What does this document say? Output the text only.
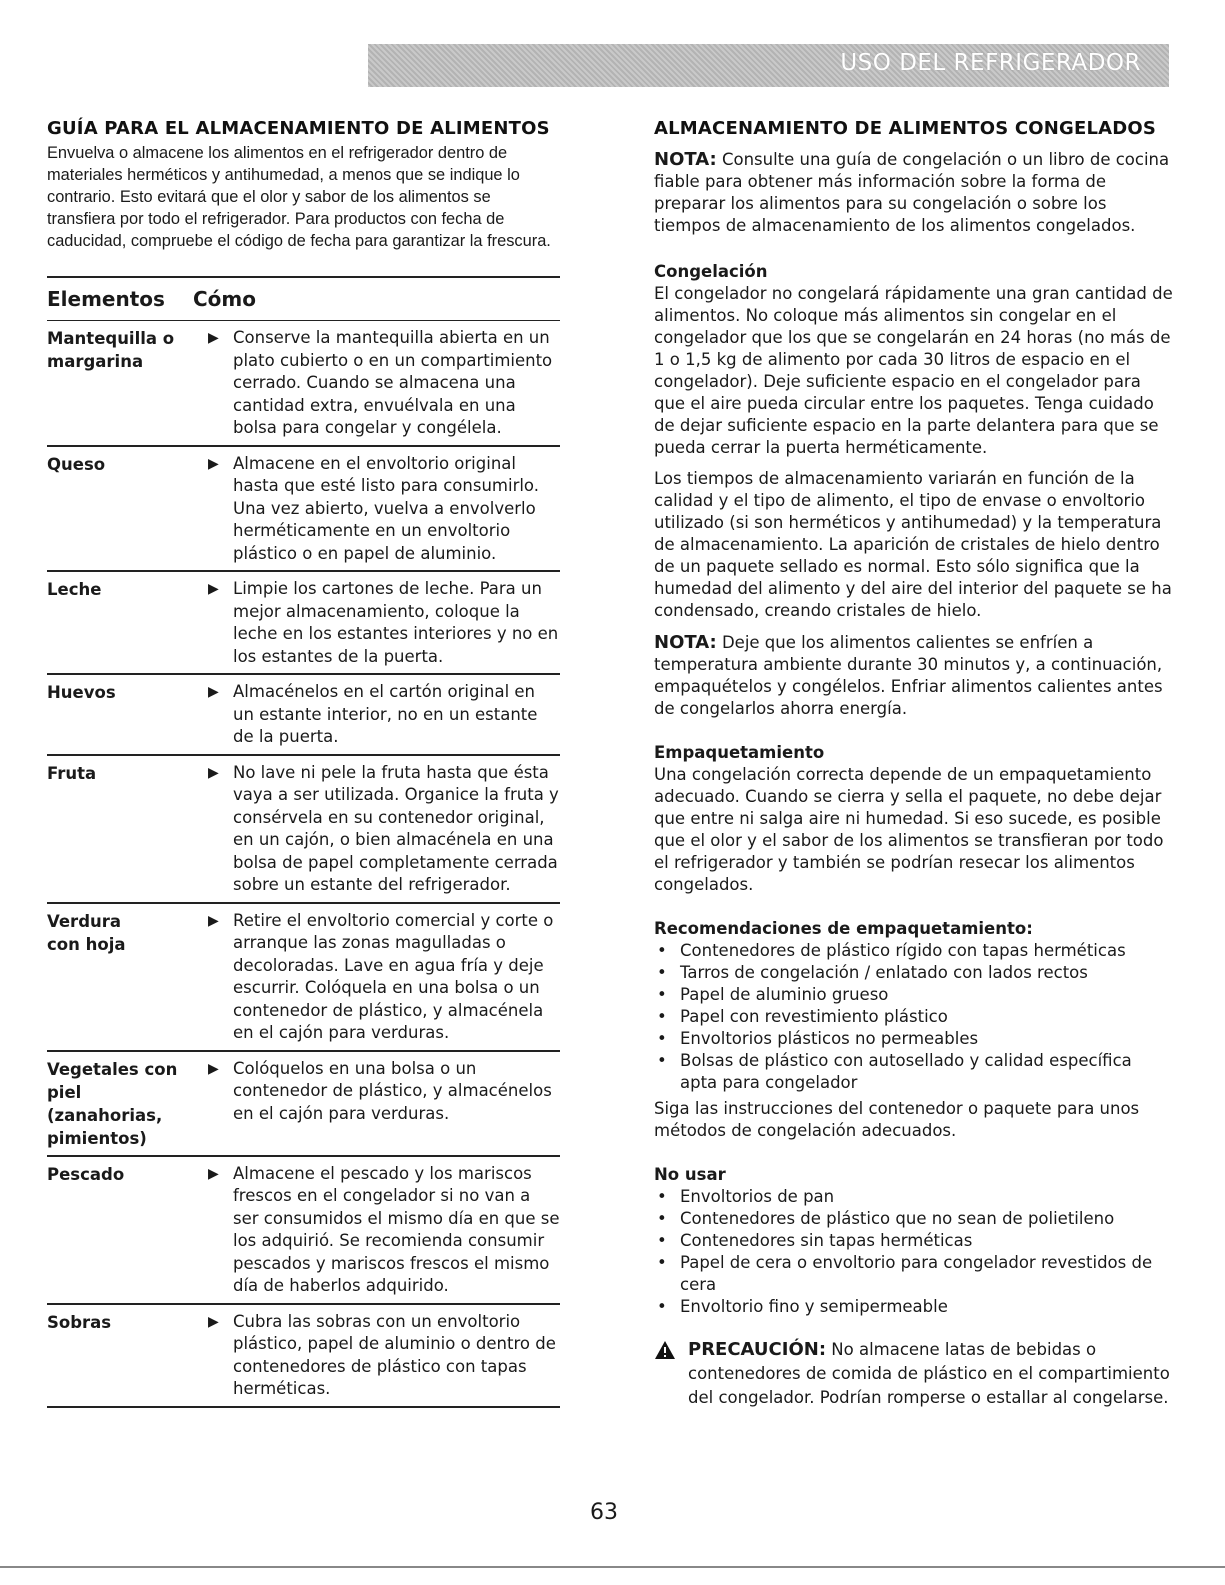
USO DEL REFRIGERADOR
GUÍA PARA EL ALMACENAMIENTO DE ALIMENTOS

Envuelva o almacene los alimentos en el refrigerador dentro de materiales herméticos y antihumedad, a menos que se indique lo contrario. Esto evitará que el olor y sabor de los alimentos se transfiera por todo el refrigerador. Para productos con fecha de caducidad, compruebe el código de fecha para garantizar la frescura.

Elementos	Cómo
Mantequilla o
margarina
▶ Conserve la mantequilla abierta en un plato cubierto o en un compartimiento cerrado. Cuando se almacena una cantidad extra, envuélvala en una bolsa para congelar y congélela.
Queso	▶ Almacene en el envoltorio original hasta que esté listo para consumirlo. Una vez abierto, vuelva a envolverlo herméticamente en un envoltorio plástico o en papel de aluminio.
Leche	▶ Limpie los cartones de leche. Para un mejor almacenamiento, coloque la leche en los estantes interiores y no en los estantes de la puerta.
Huevos	▶ Almacénelos en el cartón original en un estante interior, no en un estante de la puerta.
Fruta	▶ No lave ni pele la fruta hasta que ésta vaya a ser utilizada. Organice la fruta y consérvela en su contenedor original, en un cajón, o bien almacénela en una bolsa de papel completamente cerrada sobre un estante del refrigerador.
Verdura
con hoja
▶ Retire el envoltorio comercial y corte o arranque las zonas magulladas o decoloradas. Lave en agua fría y deje escurrir. Colóquela en una bolsa o un contenedor de plástico, y almacénela en el cajón para verduras.
Vegetales con
piel (zanahorias,
pimientos)
▶ Colóquelos en una bolsa o un contenedor de plástico, y almacénelos en el cajón para verduras.
Pescado	▶ Almacene el pescado y los mariscos frescos en el congelador si no van a ser consumidos el mismo día en que se los adquirió. Se recomienda consumir pescados y mariscos frescos el mismo día de haberlos adquirido.
Sobras	▶ Cubra las sobras con un envoltorio plástico, papel de aluminio o dentro de contenedores de plástico con tapas herméticas.
ALMACENAMIENTO DE ALIMENTOS CONGELADOS

NOTA: Consulte una guía de congelación o un libro de cocina fiable para obtener más información sobre la forma de preparar los alimentos para su congelación o sobre los tiempos de almacenamiento de los alimentos congelados.

Congelación

El congelador no congelará rápidamente una gran cantidad de alimentos. No coloque más alimentos sin congelar en el congelador que los que se congelarán en 24 horas (no más de 1 o 1,5 kg de alimento por cada 30 litros de espacio en el congelador). Deje suficiente espacio en el congelador para que el aire pueda circular entre los paquetes. Tenga cuidado de dejar suficiente espacio en la parte delantera para que se pueda cerrar la puerta herméticamente.

Los tiempos de almacenamiento variarán en función de la calidad y el tipo de alimento, el tipo de envase o envoltorio utilizado (si son herméticos y antihumedad) y la temperatura de almacenamiento. La aparición de cristales de hielo dentro de un paquete sellado es normal. Esto sólo significa que la humedad del alimento y del aire del interior del paquete se ha condensado, creando cristales de hielo.

NOTA: Deje que los alimentos calientes se enfríen a temperatura ambiente durante 30 minutos y, a continuación, empaquételos y congélelos. Enfriar alimentos calientes antes de congelarlos ahorra energía.

Empaquetamiento

Una congelación correcta depende de un empaquetamiento adecuado. Cuando se cierra y sella el paquete, no debe dejar que entre ni salga aire ni humedad. Si eso sucede, es posible que el olor y el sabor de los alimentos se transfieran por todo el refrigerador y también se podrían resecar los alimentos congelados.

Recomendaciones de empaquetamiento:

• Contenedores de plástico rígido con tapas herméticas
• Tarros de congelación / enlatado con lados rectos
• Papel de aluminio grueso
• Papel con revestimiento plástico
• Envoltorios plásticos no permeables
• Bolsas de plástico con autosellado y calidad específica apta para congelador

Siga las instrucciones del contenedor o paquete para unos métodos de congelación adecuados.

No usar

• Envoltorios de pan
• Contenedores de plástico que no sean de polietileno
• Contenedores sin tapas herméticas
• Papel de cera o envoltorio para congelador revestidos de cera
• Envoltorio fino y semipermeable
PRECAUCIÓN: No almacene latas de bebidas o contenedores de comida de plástico en el compartimiento del congelador. Podrían romperse o estallar al congelarse.
63
